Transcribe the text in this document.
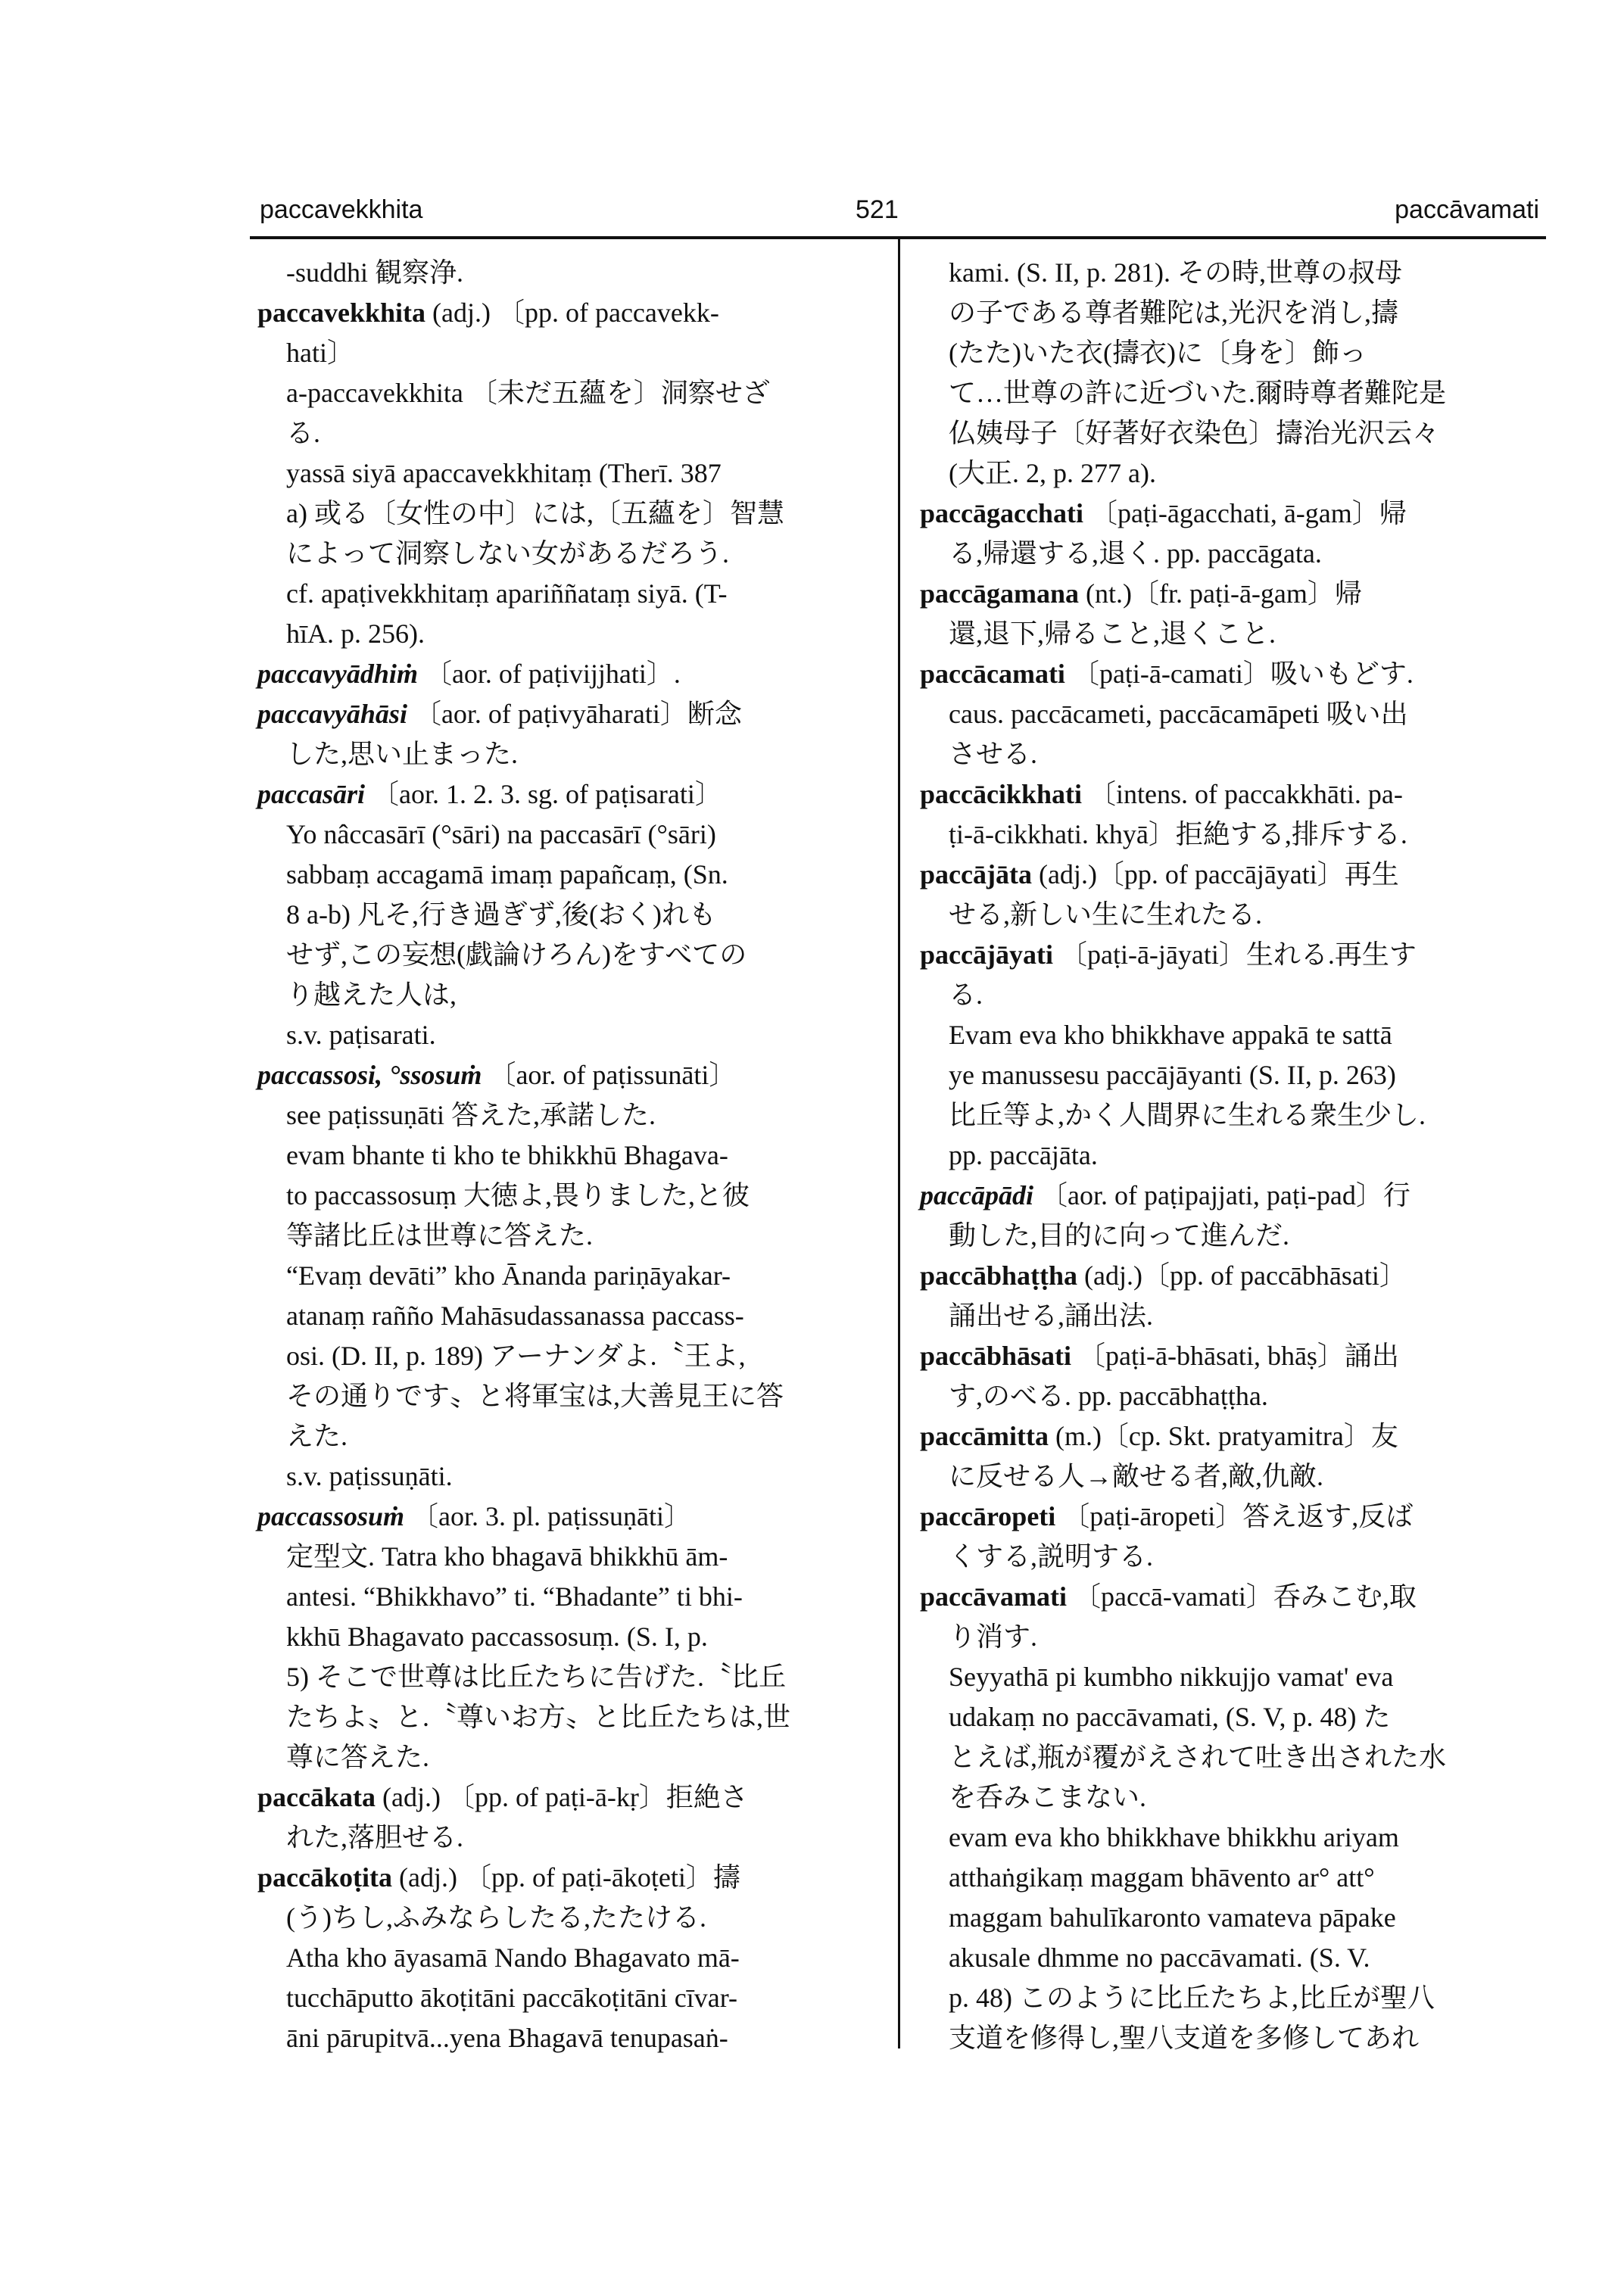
paccavekkhita	521	paccāvamati
-suddhi 観察浄.
paccavekkhita (adj.) 〔pp. of paccavekk-
hati〕
a-paccavekkhita 〔未だ五蘊を〕洞察せざ
る.
yassā siyā apaccavekkhitaṃ (Therī. 387
a) 或る〔女性の中〕には,〔五蘊を〕智慧
によって洞察しない女があるだろう.
cf. apaṭivekkhitaṃ apariññataṃ siyā. (T-
hīA. p. 256).
paccavyādhiṁ 〔aor. of paṭivijjhati〕.
paccavyāhāsi 〔aor. of paṭivyāharati〕断念
した,思い止まった.
paccasāri 〔aor. 1. 2. 3. sg. of paṭisarati〕
Yo nâccasārī (°sāri) na paccasārī (°sāri)
sabbaṃ accagamā imaṃ papañcaṃ, (Sn.
8 a-b) 凡そ,行き過ぎず,後(おく)れも
せず,この妄想(戯論けろん)をすべての
り越えた人は,
s.v. paṭisarati.
paccassosi, °ssosuṁ 〔aor. of paṭissunāti〕
see paṭissuṇāti 答えた,承諾した.
evam bhante ti kho te bhikkhū Bhagava-
to paccassosuṃ 大徳よ,畏りました,と彼
等諸比丘は世尊に答えた.
“Evaṃ devāti” kho Ānanda pariṇāyakar-
atanaṃ rañño Mahāsudassanassa paccass-
osi. (D. II, p. 189) アーナンダよ.〝王よ,
その通りです〟と将軍宝は,大善見王に答
えた.
s.v. paṭissuṇāti.
paccassosuṁ 〔aor. 3. pl. paṭissuṇāti〕
定型文. Tatra kho bhagavā bhikkhū ām-
antesi. “Bhikkhavo” ti. “Bhadante” ti bhi-
kkhū Bhagavato paccassosuṃ. (S. I, p.
5) そこで世尊は比丘たちに告げた.〝比丘
たちよ〟と.〝尊いお方〟と比丘たちは,世
尊に答えた.
paccākata (adj.) 〔pp. of paṭi-ā-kṛ〕拒絶さ
れた,落胆せる.
paccākoṭita (adj.) 〔pp. of paṭi-ākoṭeti〕擣
(う)ちし,ふみならしたる,たたける.
Atha kho āyasamā Nando Bhagavato mā-
tucchāputto ākoṭitāni paccākoṭitāni cīvar-
āni pārupitvā...yena Bhagavā tenupasaṅ-
kami. (S. II, p. 281). その時,世尊の叔母
の子である尊者難陀は,光沢を消し,擣
(たた)いた衣(擣衣)に〔身を〕飾っ
て…世尊の許に近づいた.爾時尊者難陀是
仏姨母子〔好著好衣染色〕擣治光沢云々
(大正. 2, p. 277 a).
paccāgacchati 〔paṭi-āgacchati, ā-gam〕帰
る,帰還する,退く. pp. paccāgata.
paccāgamana (nt.)〔fr. paṭi-ā-gam〕帰
還,退下,帰ること,退くこと.
paccācamati 〔paṭi-ā-camati〕吸いもどす.
caus. paccācameti, paccācamāpeti 吸い出
させる.
paccācikkhati 〔intens. of paccakkhāti. pa-
ṭi-ā-cikkhati. khyā〕拒絶する,排斥する.
paccājāta (adj.)〔pp. of paccājāyati〕再生
せる,新しい生に生れたる.
paccājāyati 〔paṭi-ā-jāyati〕生れる.再生す
る.
Evam eva kho bhikkhave appakā te sattā
ye manussesu paccājāyanti (S. II, p. 263)
比丘等よ,かく人間界に生れる衆生少し.
pp. paccājāta.
paccāpādi 〔aor. of paṭipajjati, paṭi-pad〕行
動した,目的に向って進んだ.
paccābhaṭṭha (adj.)〔pp. of paccābhāsati〕
誦出せる,誦出法.
paccābhāsati 〔paṭi-ā-bhāsati, bhāṣ〕誦出
す,のべる. pp. paccābhaṭṭha.
paccāmitta (m.)〔cp. Skt. pratyamitra〕友
に反せる人→敵せる者,敵,仇敵.
paccāropeti 〔paṭi-āropeti〕答え返す,反ば
くする,説明する.
paccāvamati 〔paccā-vamati〕呑みこむ,取
り消す.
Seyyathā pi kumbho nikkujjo vamat' eva
udakaṃ no paccāvamati, (S. V, p. 48) た
とえば,瓶が覆がえされて吐き出された水
を呑みこまない.
evam eva kho bhikkhave bhikkhu ariyam
atthaṅgikaṃ maggam bhāvento ar° att°
maggam bahulīkaronto vamateva pāpake
akusale dhmme no paccāvamati. (S. V.
p. 48) このように比丘たちよ,比丘が聖八
支道を修得し,聖八支道を多修してあれ
